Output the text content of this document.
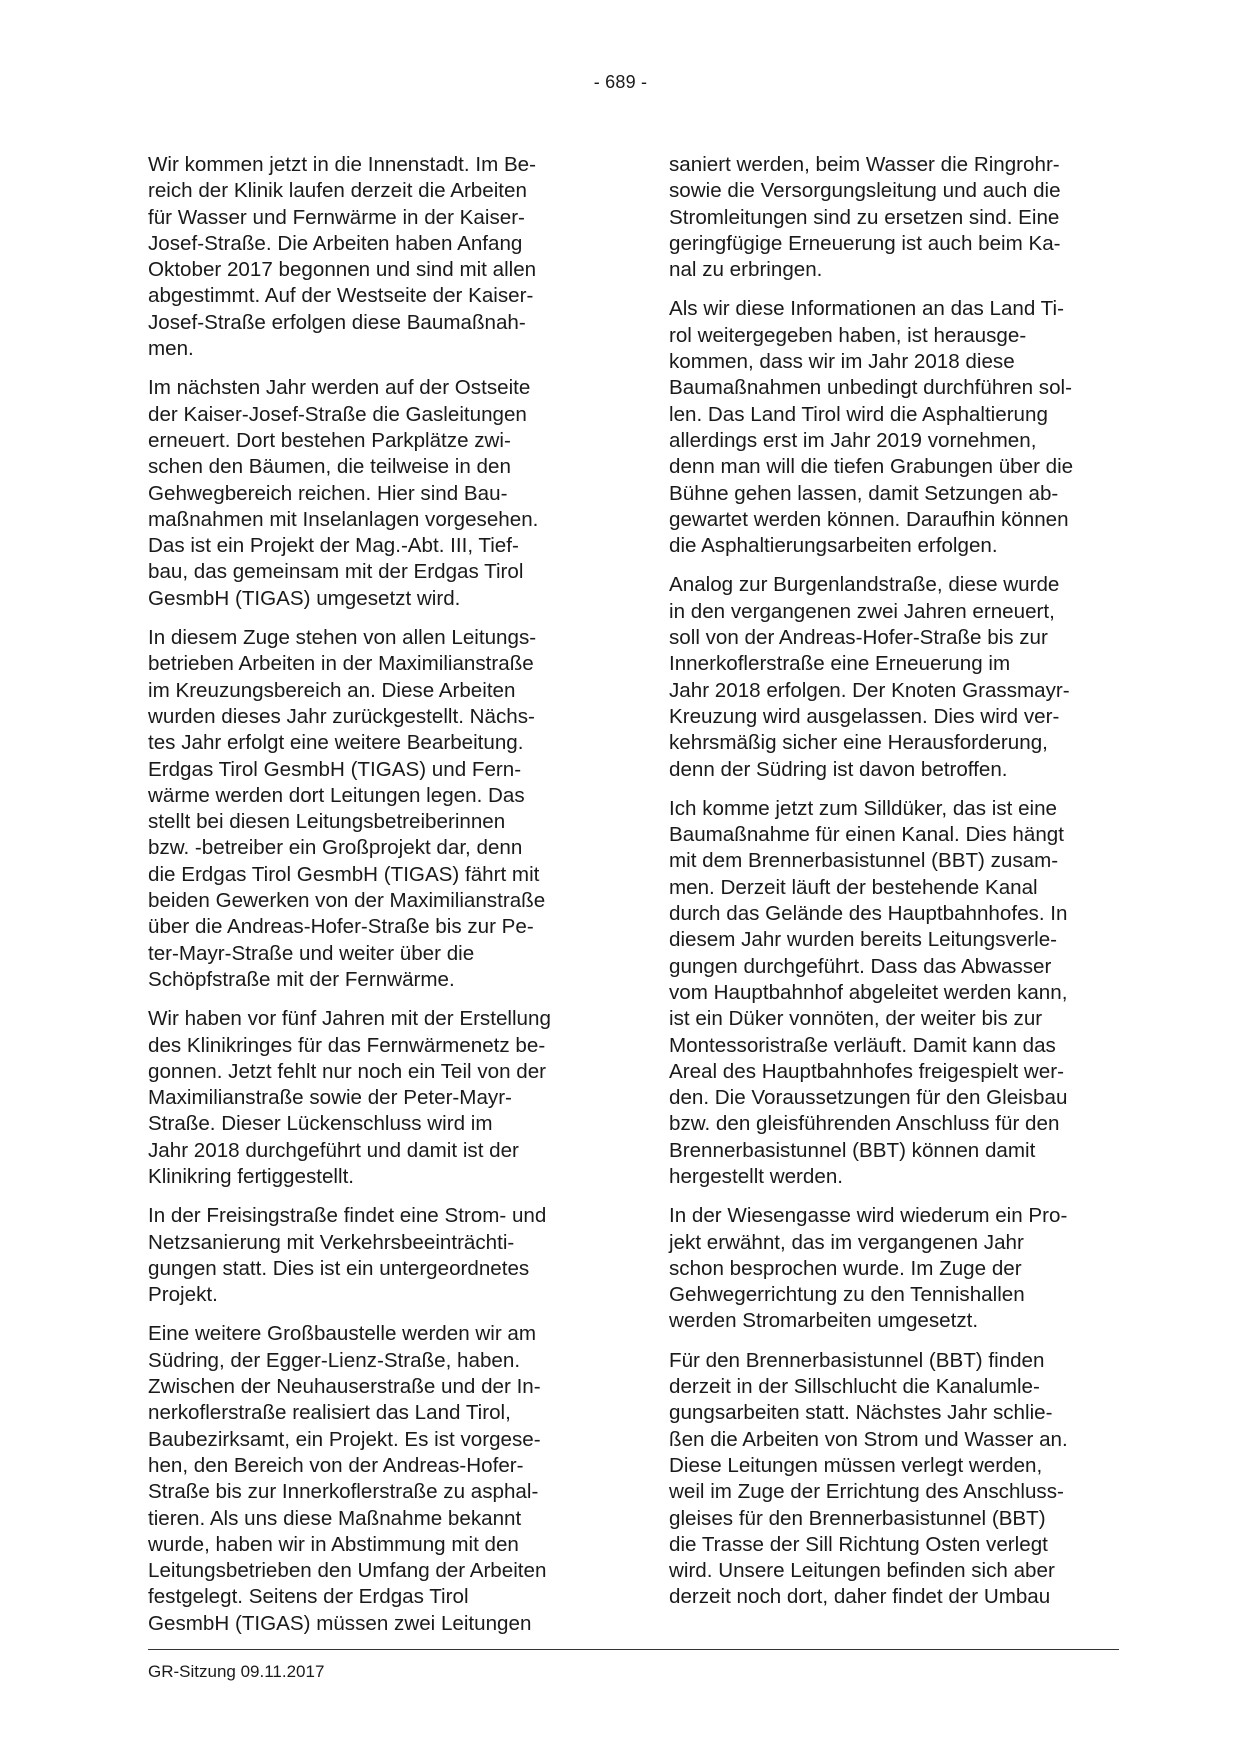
- 689 -

Wir kommen jetzt in die Innenstadt. Im Be-
reich der Klinik laufen derzeit die Arbeiten
für Wasser und Fernwärme in der Kaiser-
Josef-Straße. Die Arbeiten haben Anfang
Oktober 2017 begonnen und sind mit allen
abgestimmt. Auf der Westseite der Kaiser-
Josef-Straße erfolgen diese Baumaßnah-
men.

Im nächsten Jahr werden auf der Ostseite
der Kaiser-Josef-Straße die Gasleitungen
erneuert. Dort bestehen Parkplätze zwi-
schen den Bäumen, die teilweise in den
Gehwegbereich reichen. Hier sind Bau-
maßnahmen mit Inselanlagen vorgesehen.
Das ist ein Projekt der Mag.-Abt. III, Tief-
bau, das gemeinsam mit der Erdgas Tirol
GesmbH (TIGAS) umgesetzt wird.

In diesem Zuge stehen von allen Leitungs-
betrieben Arbeiten in der Maximilianstraße
im Kreuzungsbereich an. Diese Arbeiten
wurden dieses Jahr zurückgestellt. Nächs-
tes Jahr erfolgt eine weitere Bearbeitung.
Erdgas Tirol GesmbH (TIGAS) und Fern-
wärme werden dort Leitungen legen. Das
stellt bei diesen Leitungsbetreiberinnen
bzw. -betreiber ein Großprojekt dar, denn
die Erdgas Tirol GesmbH (TIGAS) fährt mit
beiden Gewerken von der Maximilianstraße
über die Andreas-Hofer-Straße bis zur Pe-
ter-Mayr-Straße und weiter über die
Schöpfstraße mit der Fernwärme.

Wir haben vor fünf Jahren mit der Erstellung
des Klinikringes für das Fernwärmenetz be-
gonnen. Jetzt fehlt nur noch ein Teil von der
Maximilianstraße sowie der Peter-Mayr-
Straße. Dieser Lückenschluss wird im
Jahr 2018 durchgeführt und damit ist der
Klinikring fertiggestellt.

In der Freisingstraße findet eine Strom- und
Netzsanierung mit Verkehrsbeeinträchti-
gungen statt. Dies ist ein untergeordnetes
Projekt.

Eine weitere Großbaustelle werden wir am
Südring, der Egger-Lienz-Straße, haben.
Zwischen der Neuhauserstraße und der In-
nerkoflerstraße realisiert das Land Tirol,
Baubezirksamt, ein Projekt. Es ist vorgese-
hen, den Bereich von der Andreas-Hofer-
Straße bis zur Innerkoflerstraße zu asphal-
tieren. Als uns diese Maßnahme bekannt
wurde, haben wir in Abstimmung mit den
Leitungsbetrieben den Umfang der Arbeiten
festgelegt. Seitens der Erdgas Tirol
GesmbH (TIGAS) müssen zwei Leitungen

saniert werden, beim Wasser die Ringrohr-
sowie die Versorgungsleitung und auch die
Stromleitungen sind zu ersetzen sind. Eine
geringfügige Erneuerung ist auch beim Ka-
nal zu erbringen.

Als wir diese Informationen an das Land Ti-
rol weitergegeben haben, ist herausge-
kommen, dass wir im Jahr 2018 diese
Baumaßnahmen unbedingt durchführen sol-
len. Das Land Tirol wird die Asphaltierung
allerdings erst im Jahr 2019 vornehmen,
denn man will die tiefen Grabungen über die
Bühne gehen lassen, damit Setzungen ab-
gewartet werden können. Daraufhin können
die Asphaltierungsarbeiten erfolgen.

Analog zur Burgenlandstraße, diese wurde
in den vergangenen zwei Jahren erneuert,
soll von der Andreas-Hofer-Straße bis zur
Innerkoflerstraße eine Erneuerung im
Jahr 2018 erfolgen. Der Knoten Grassmayr-
Kreuzung wird ausgelassen. Dies wird ver-
kehrsmäßig sicher eine Herausforderung,
denn der Südring ist davon betroffen.

Ich komme jetzt zum Silldüker, das ist eine
Baumaßnahme für einen Kanal. Dies hängt
mit dem Brennerbasistunnel (BBT) zusam-
men. Derzeit läuft der bestehende Kanal
durch das Gelände des Hauptbahnhofes. In
diesem Jahr wurden bereits Leitungsverle-
gungen durchgeführt. Dass das Abwasser
vom Hauptbahnhof abgeleitet werden kann,
ist ein Düker vonnöten, der weiter bis zur
Montessoristraße verläuft. Damit kann das
Areal des Hauptbahnhofes freigespielt wer-
den. Die Voraussetzungen für den Gleisbau
bzw. den gleisführenden Anschluss für den
Brennerbasistunnel (BBT) können damit
hergestellt werden.

In der Wiesengasse wird wiederum ein Pro-
jekt erwähnt, das im vergangenen Jahr
schon besprochen wurde. Im Zuge der
Gehwegerrichtung zu den Tennishallen
werden Stromarbeiten umgesetzt.

Für den Brennerbasistunnel (BBT) finden
derzeit in der Sillschlucht die Kanalumle-
gungsarbeiten statt. Nächstes Jahr schlie-
ßen die Arbeiten von Strom und Wasser an.
Diese Leitungen müssen verlegt werden,
weil im Zuge der Errichtung des Anschluss-
gleises für den Brennerbasistunnel (BBT)
die Trasse der Sill Richtung Osten verlegt
wird. Unsere Leitungen befinden sich aber
derzeit noch dort, daher findet der Umbau

GR-Sitzung 09.11.2017
